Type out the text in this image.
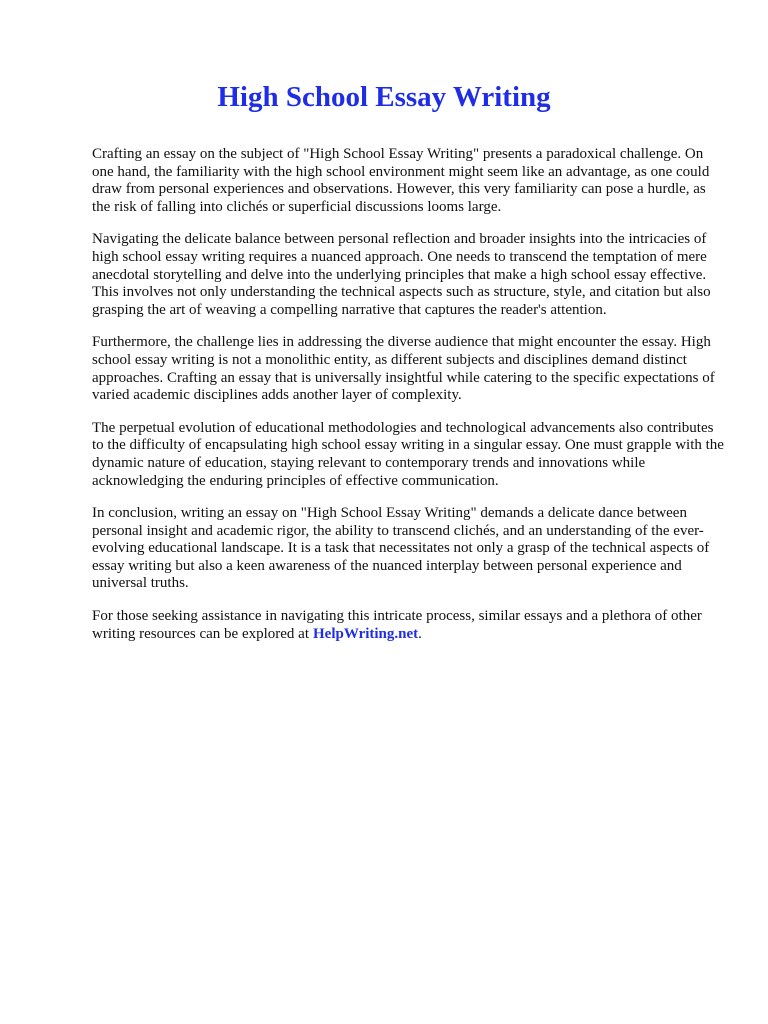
High School Essay Writing

Crafting an essay on the subject of "High School Essay Writing" presents a paradoxical challenge. On one hand, the familiarity with the high school environment might seem like an advantage, as one could draw from personal experiences and observations. However, this very familiarity can pose a hurdle, as the risk of falling into clichés or superficial discussions looms large.

Navigating the delicate balance between personal reflection and broader insights into the intricacies of high school essay writing requires a nuanced approach. One needs to transcend the temptation of mere anecdotal storytelling and delve into the underlying principles that make a high school essay effective. This involves not only understanding the technical aspects such as structure, style, and citation but also grasping the art of weaving a compelling narrative that captures the reader's attention.

Furthermore, the challenge lies in addressing the diverse audience that might encounter the essay. High school essay writing is not a monolithic entity, as different subjects and disciplines demand distinct approaches. Crafting an essay that is universally insightful while catering to the specific expectations of varied academic disciplines adds another layer of complexity.

The perpetual evolution of educational methodologies and technological advancements also contributes to the difficulty of encapsulating high school essay writing in a singular essay. One must grapple with the dynamic nature of education, staying relevant to contemporary trends and innovations while acknowledging the enduring principles of effective communication.

In conclusion, writing an essay on "High School Essay Writing" demands a delicate dance between personal insight and academic rigor, the ability to transcend clichés, and an understanding of the ever-evolving educational landscape. It is a task that necessitates not only a grasp of the technical aspects of essay writing but also a keen awareness of the nuanced interplay between personal experience and universal truths.

For those seeking assistance in navigating this intricate process, similar essays and a plethora of other writing resources can be explored at HelpWriting.net.
